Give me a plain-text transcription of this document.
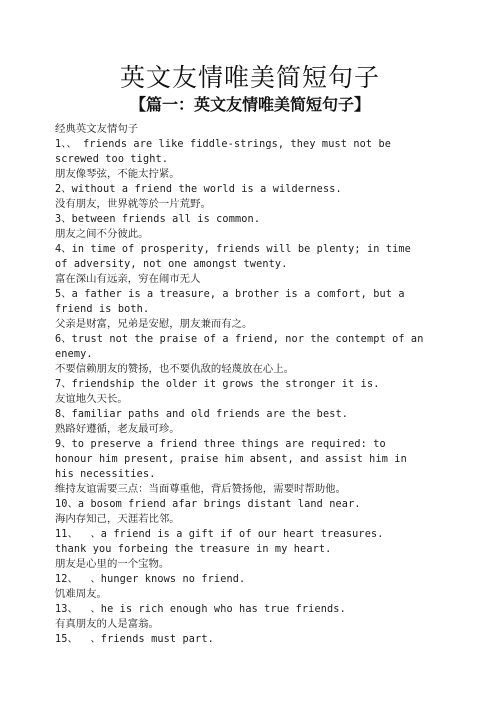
英文友情唯美简短句子
【篇一：英文友情唯美简短句子】
经典英文友情句子
1、、 friends are like fiddle-strings, they must not be
screwed too tight.
朋友像琴弦，不能太拧紧。
2、without a friend the world is a wilderness.
没有朋友，世界就等於一片荒野。
3、between friends all is common.
朋友之间不分彼此。
4、in time of prosperity, friends will be plenty; in time
of adversity, not one amongst twenty.
富在深山有远亲，穷在闹市无人
5、a father is a treasure, a brother is a comfort, but a
friend is both.
父亲是财富，兄弟是安慰，朋友兼而有之。
6、trust not the praise of a friend, nor the contempt of an
enemy.
不要信赖朋友的赞扬，也不要仇敌的轻蔑放在心上。
7、friendship the older it grows the stronger it is.
友谊地久天长。
8、familiar paths and old friends are the best.
熟路好遵循，老友最可珍。
9、to preserve a friend three things are required: to
honour him present, praise him absent, and assist him in
his necessities.
维持友谊需要三点：当面尊重他，背后赞扬他，需要时帮助他。
10、a bosom friend afar brings distant land near.
海内存知己，天涯若比邻。
11、  、a friend is a gift if of our heart treasures.
thank you forbeing the treasure in my heart.
朋友是心里的一个宝物。
12、  、hunger knows no friend.
饥难周友。
13、  、he is rich enough who has true friends.
有真朋友的人是富翁。
15、  、friends must part.
